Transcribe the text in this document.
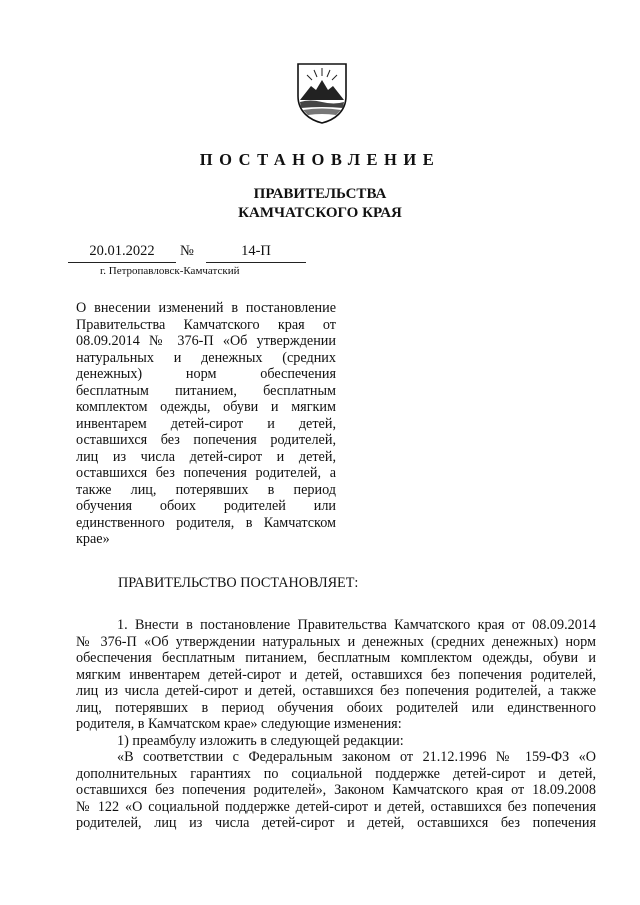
ПОСТАНОВЛЕНИЕ
ПРАВИТЕЛЬСТВА
КАМЧАТСКОГО КРАЯ
20.01.2022	№	14-П
г. Петропавловск-Камчатский
О внесении изменений в постановление
Правительства Камчатского края от
08.09.2014 № 376-П «Об утверждении
натуральных и денежных (средних
денежных) норм обеспечения
бесплатным питанием, бесплатным
комплектом одежды, обуви и мягким
инвентарем детей-сирот и детей,
оставшихся без попечения родителей,
лиц из числа детей-сирот и детей,
оставшихся без попечения родителей, а
также лиц, потерявших в период
обучения обоих родителей или
единственного родителя, в Камчатском
крае»
ПРАВИТЕЛЬСТВО ПОСТАНОВЛЯЕТ:
1. Внести в постановление Правительства Камчатского края от 08.09.2014
№ 376-П «Об утверждении натуральных и денежных (средних денежных) норм
обеспечения бесплатным питанием, бесплатным комплектом одежды, обуви и
мягким инвентарем детей-сирот и детей, оставшихся без попечения родителей,
лиц из числа детей-сирот и детей, оставшихся без попечения родителей, а также
лиц, потерявших в период обучения обоих родителей или единственного
родителя, в Камчатском крае» следующие изменения:
1) преамбулу изложить в следующей редакции:
«В соответствии с Федеральным законом от 21.12.1996 № 159-ФЗ «О
дополнительных гарантиях по социальной поддержке детей-сирот и детей,
оставшихся без попечения родителей», Законом Камчатского края от 18.09.2008
№ 122 «О социальной поддержке детей-сирот и детей, оставшихся без попечения
родителей, лиц из числа детей-сирот и детей, оставшихся без попечения
